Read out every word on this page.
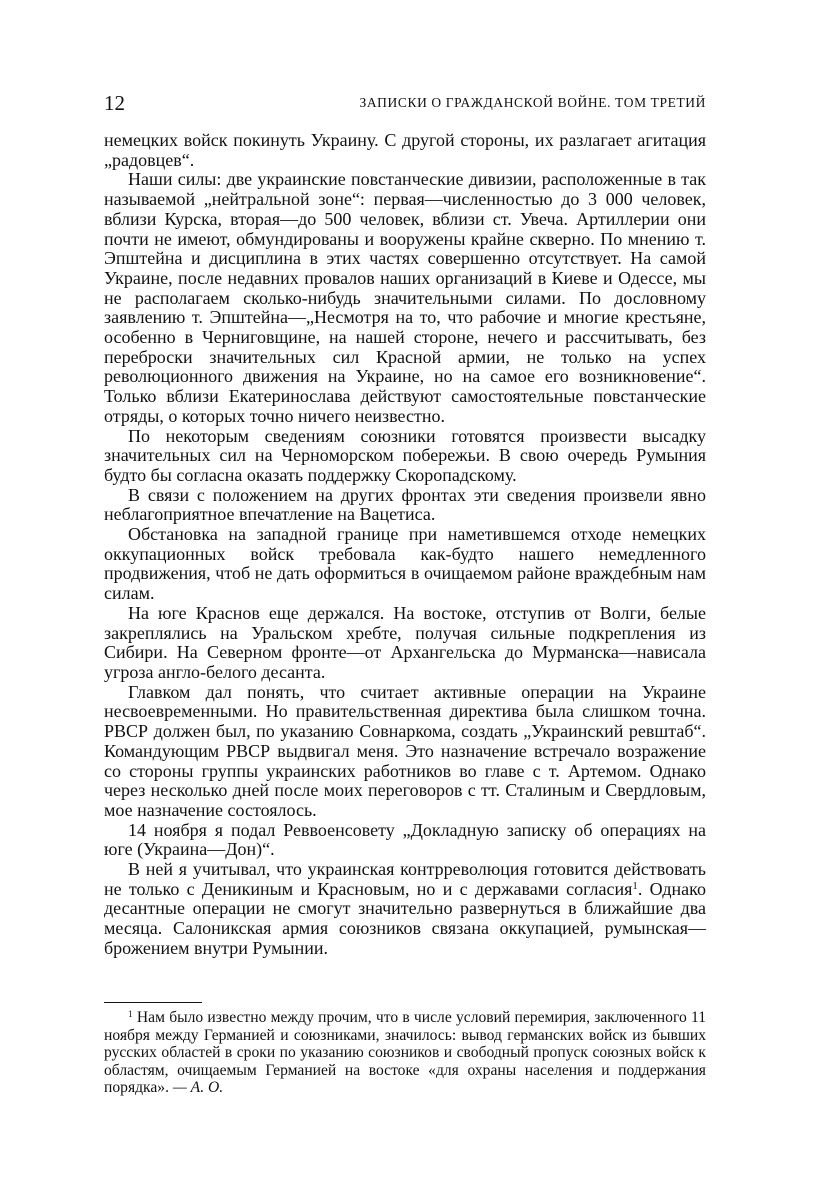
12	ЗАПИСКИ О ГРАЖДАНСКОЙ ВОЙНЕ. ТОМ ТРЕТИЙ

немецких войск покинуть Украину. С другой стороны, их разлагает агитация „радовцев“.

Наши силы: две украинские повстанческие дивизии, расположенные в так называемой „нейтральной зоне“: первая—численностью до 3 000 человек, вблизи Курска, вторая—до 500 человек, вблизи ст. Увеча. Артиллерии они почти не имеют, обмундированы и вооружены крайне скверно. По мнению т. Эпштейна и дисциплина в этих частях совершенно отсутствует. На самой Украине, после недавних провалов наших организаций в Киеве и Одессе, мы не располагаем сколько-нибудь значительными силами. По дословному заявлению т. Эпштейна—„Несмотря на то, что рабочие и многие крестьяне, особенно в Черниговщине, на нашей стороне, нечего и рассчитывать, без переброски значительных сил Красной армии, не только на успех революционного движения на Украине, но на самое его возникновение“. Только вблизи Екатеринослава действуют самостоятельные повстанческие отряды, о которых точно ничего неизвестно.

По некоторым сведениям союзники готовятся произвести высадку значительных сил на Черноморском побережьи. В свою очередь Румыния будто бы согласна оказать поддержку Скоропадскому.

В связи с положением на других фронтах эти сведения произвели явно неблагоприятное впечатление на Вацетиса.

Обстановка на западной границе при наметившемся отходе немецких оккупационных войск требовала как-будто нашего немедленного продвижения, чтоб не дать оформиться в очищаемом районе враждебным нам силам.

На юге Краснов еще держался. На востоке, отступив от Волги, белые закреплялись на Уральском хребте, получая сильные подкрепления из Сибири. На Северном фронте—от Архангельска до Мурманска—нависала угроза англо-белого десанта.

Главком дал понять, что считает активные операции на Украине несвоевременными. Но правительственная директива была слишком точна. РВСР должен был, по указанию Совнаркома, создать „Украинский ревштаб“. Командующим РВСР выдвигал меня. Это назначение встречало возражение со стороны группы украинских работников во главе с т. Артемом. Однако через несколько дней после моих переговоров с тт. Сталиным и Свердловым, мое назначение состоялось.

14 ноября я подал Реввоенсовету „Докладную записку об операциях на юге (Украина—Дон)“.

В ней я учитывал, что украинская контрреволюция готовится действовать не только с Деникиным и Красновым, но и с державами согласия$^1$. Однако десантные операции не смогут значительно развернуться в ближайшие два месяца. Салоникская армия союзников связана оккупацией, румынская—брожением внутри Румынии.

$^1$ Нам было известно между прочим, что в числе условий перемирия, заключенного 11 ноября между Германией и союзниками, значилось: вывод германских войск из бывших русских областей в сроки по указанию союзников и свободный пропуск союзных войск к областям, очищаемым Германией на востоке «для охраны населения и поддержания порядка». — А. О.
